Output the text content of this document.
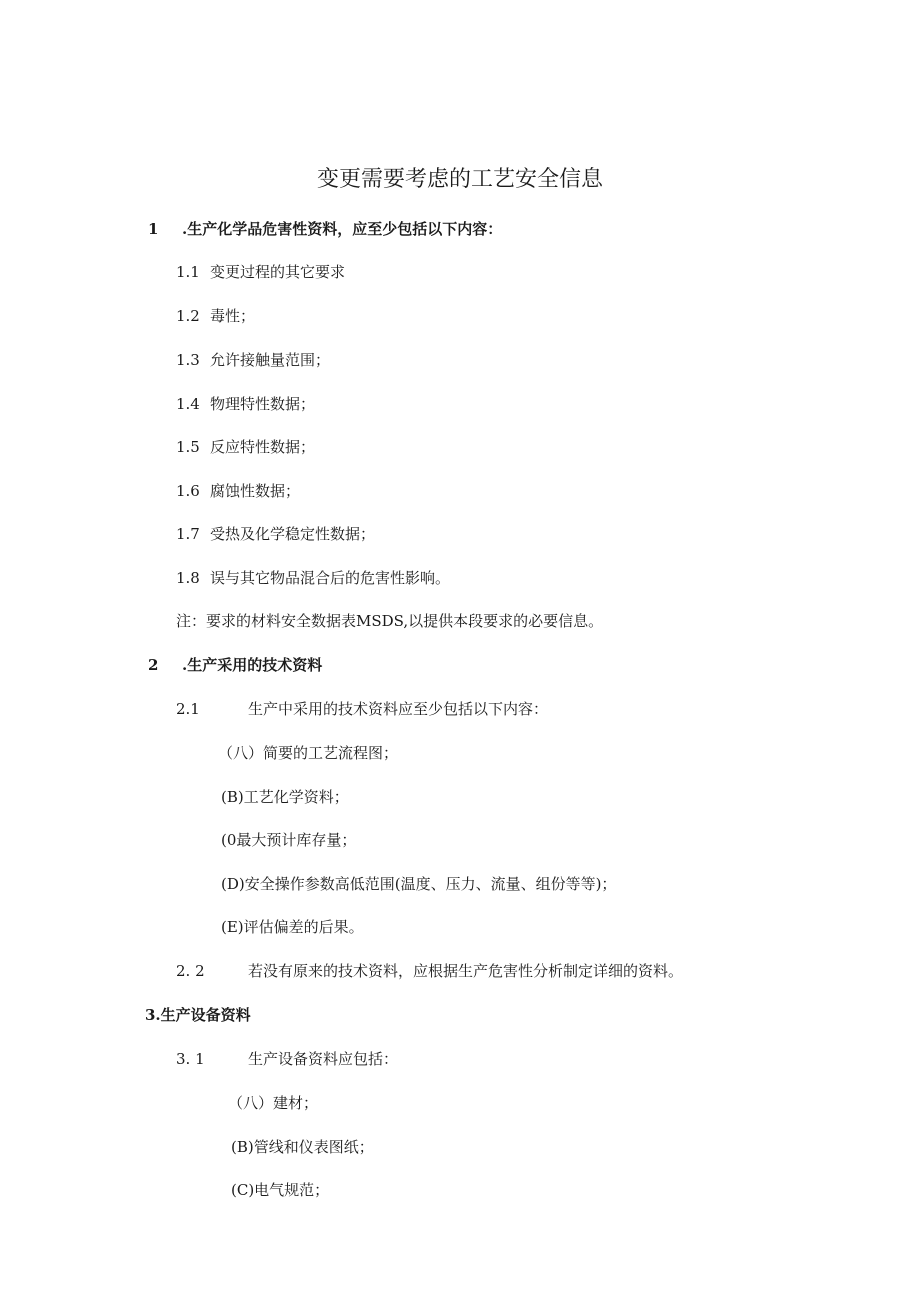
变更需要考虑的工艺安全信息
1 .生产化学品危害性资料，应至少包括以下内容：
1.1 变更过程的其它要求
1.2 毒性；
1.3 允许接触量范围；
1.4 物理特性数据；
1.5 反应特性数据；
1.6 腐蚀性数据；
1.7 受热及化学稳定性数据；
1.8 误与其它物品混合后的危害性影响。
注：要求的材料安全数据表MSDS,以提供本段要求的必要信息。
2 .生产采用的技术资料
2.1	生产中采用的技术资料应至少包括以下内容：
（八）简要的工艺流程图；
(B)工艺化学资料；
(0最大预计库存量；
(D)安全操作参数高低范围(温度、压力、流量、组份等等)；
(E)评估偏差的后果。
2. 2	若没有原来的技术资料，应根据生产危害性分析制定详细的资料。
3.生产设备资料
3. 1	生产设备资料应包括：
（八）建材；
(B)管线和仪表图纸；
(C)电气规范；
